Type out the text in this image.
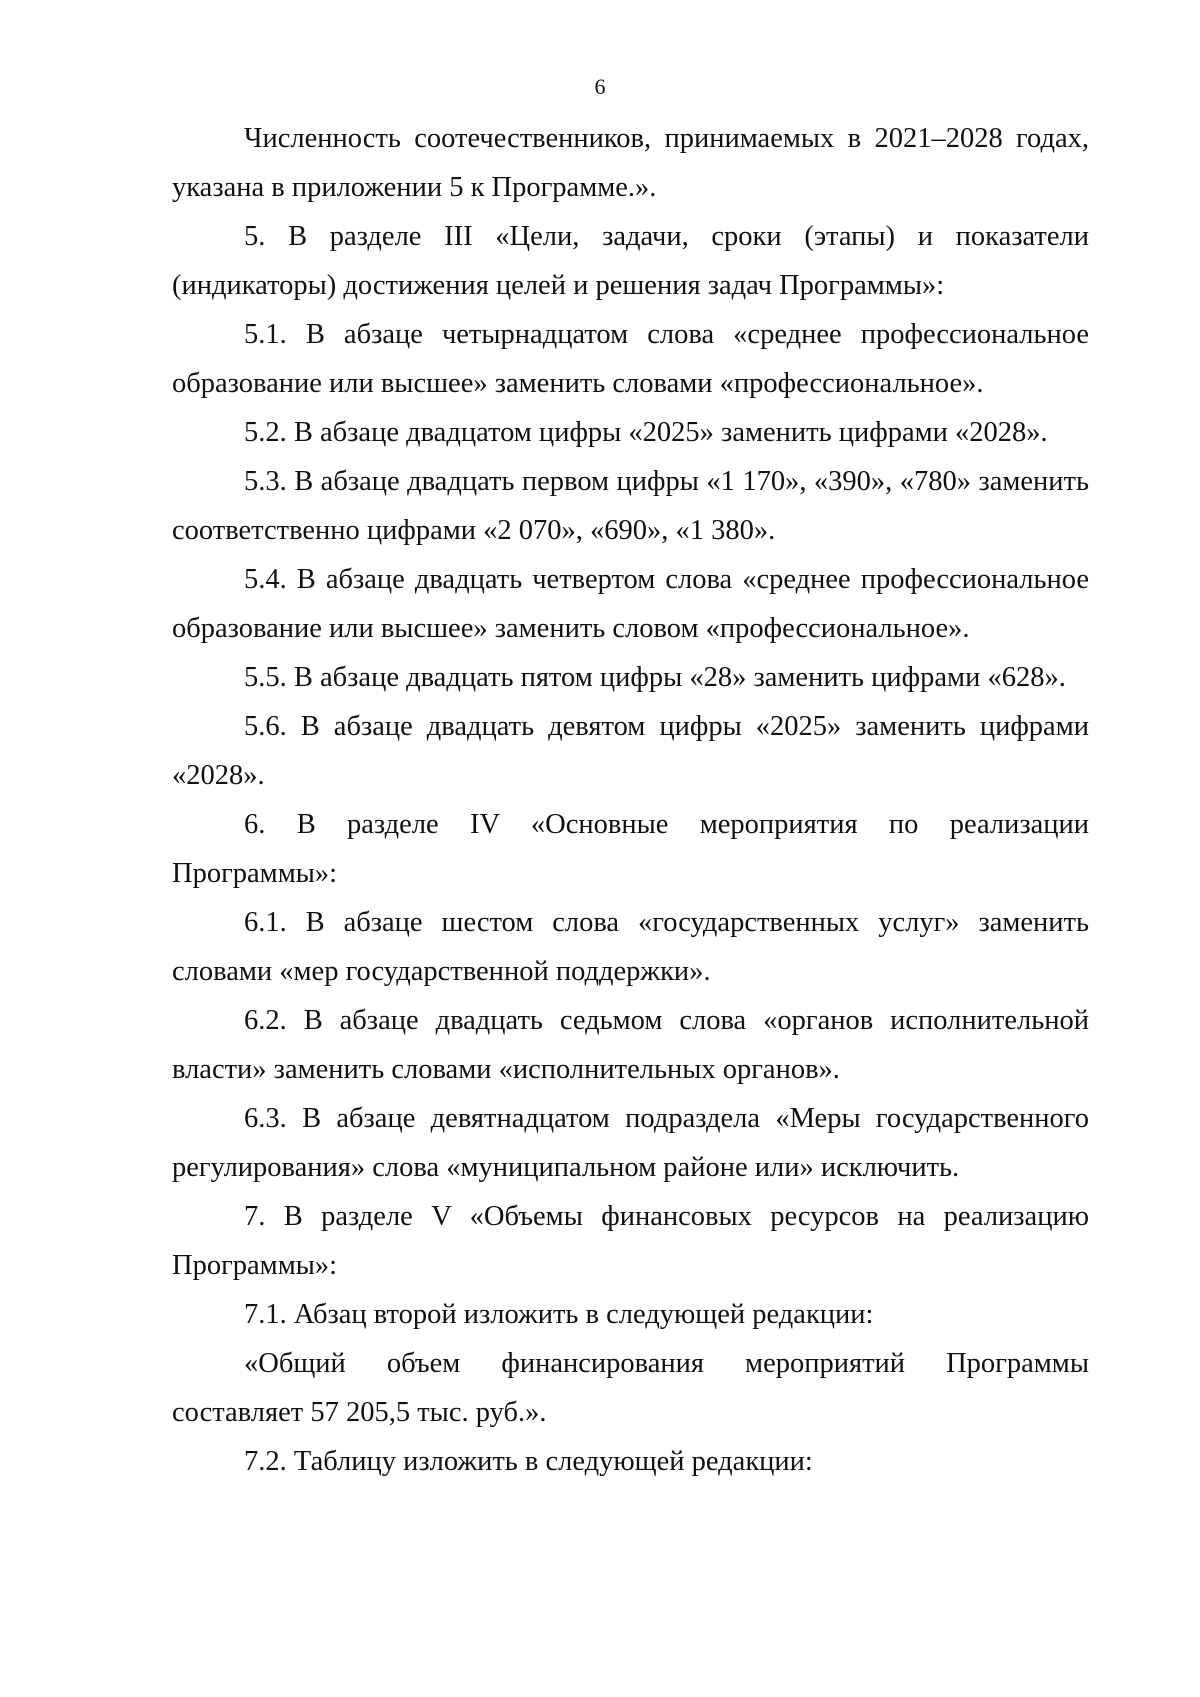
6

Численность соотечественников, принимаемых в 2021–2028 годах, указана в приложении 5 к Программе.».

5. В разделе III «Цели, задачи, сроки (этапы) и показатели (индикаторы) достижения целей и решения задач Программы»:

5.1. В абзаце четырнадцатом слова «среднее профессиональное образование или высшее» заменить словами «профессиональное».

5.2. В абзаце двадцатом цифры «2025» заменить цифрами «2028».

5.3. В абзаце двадцать первом цифры «1 170», «390», «780» заменить соответственно цифрами «2 070», «690», «1 380».

5.4. В абзаце двадцать четвертом слова «среднее профессиональное образование или высшее» заменить словом «профессиональное».

5.5. В абзаце двадцать пятом цифры «28» заменить цифрами «628».

5.6. В абзаце двадцать девятом цифры «2025» заменить цифрами «2028».

6. В разделе IV «Основные мероприятия по реализации Программы»:

6.1. В абзаце шестом слова «государственных услуг» заменить словами «мер государственной поддержки».

6.2. В абзаце двадцать седьмом слова «органов исполнительной власти» заменить словами «исполнительных органов».

6.3. В абзаце девятнадцатом подраздела «Меры государственного регулирования» слова «муниципальном районе или» исключить.

7. В разделе V «Объемы финансовых ресурсов на реализацию Программы»:

7.1. Абзац второй изложить в следующей редакции:

«Общий объем финансирования мероприятий Программы составляет 57 205,5 тыс. руб.».

7.2. Таблицу изложить в следующей редакции:
